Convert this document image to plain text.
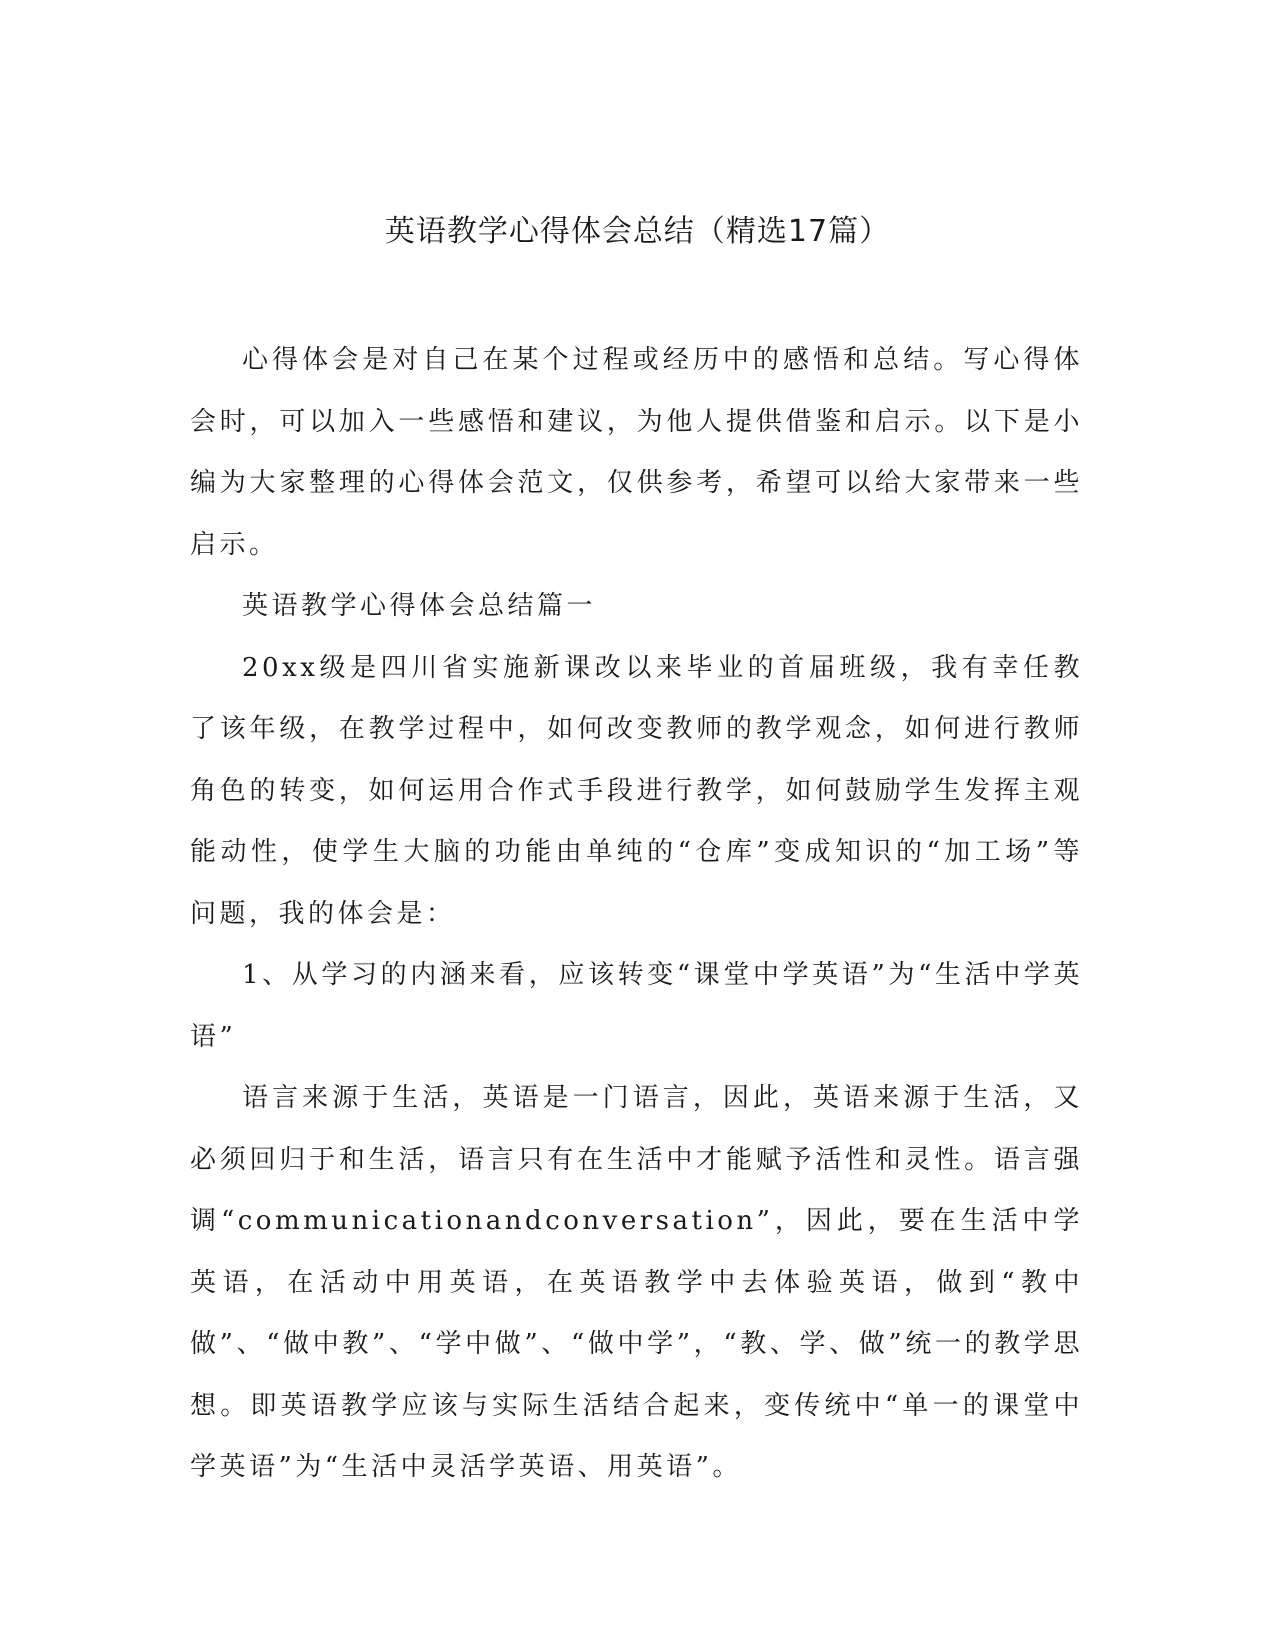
英语教学心得体会总结（精选17篇）

心得体会是对自己在某个过程或经历中的感悟和总结。写心得体会时，可以加入一些感悟和建议，为他人提供借鉴和启示。以下是小编为大家整理的心得体会范文，仅供参考，希望可以给大家带来一些启示。

英语教学心得体会总结篇一

20xx级是四川省实施新课改以来毕业的首届班级，我有幸任教了该年级，在教学过程中，如何改变教师的教学观念，如何进行教师角色的转变，如何运用合作式手段进行教学，如何鼓励学生发挥主观能动性，使学生大脑的功能由单纯的“仓库”变成知识的“加工场”等问题，我的体会是：

1、从学习的内涵来看，应该转变“课堂中学英语”为“生活中学英语”

语言来源于生活，英语是一门语言，因此，英语来源于生活，又必须回归于和生活，语言只有在生活中才能赋予活性和灵性。语言强调“communicationandconversation”，因此，要在生活中学英语，在活动中用英语，在英语教学中去体验英语，做到“教中做”、“做中教”、“学中做”、“做中学”，“教、学、做”统一的教学思想。即英语教学应该与实际生活结合起来，变传统中“单一的课堂中学英语”为“生活中灵活学英语、用英语”。
